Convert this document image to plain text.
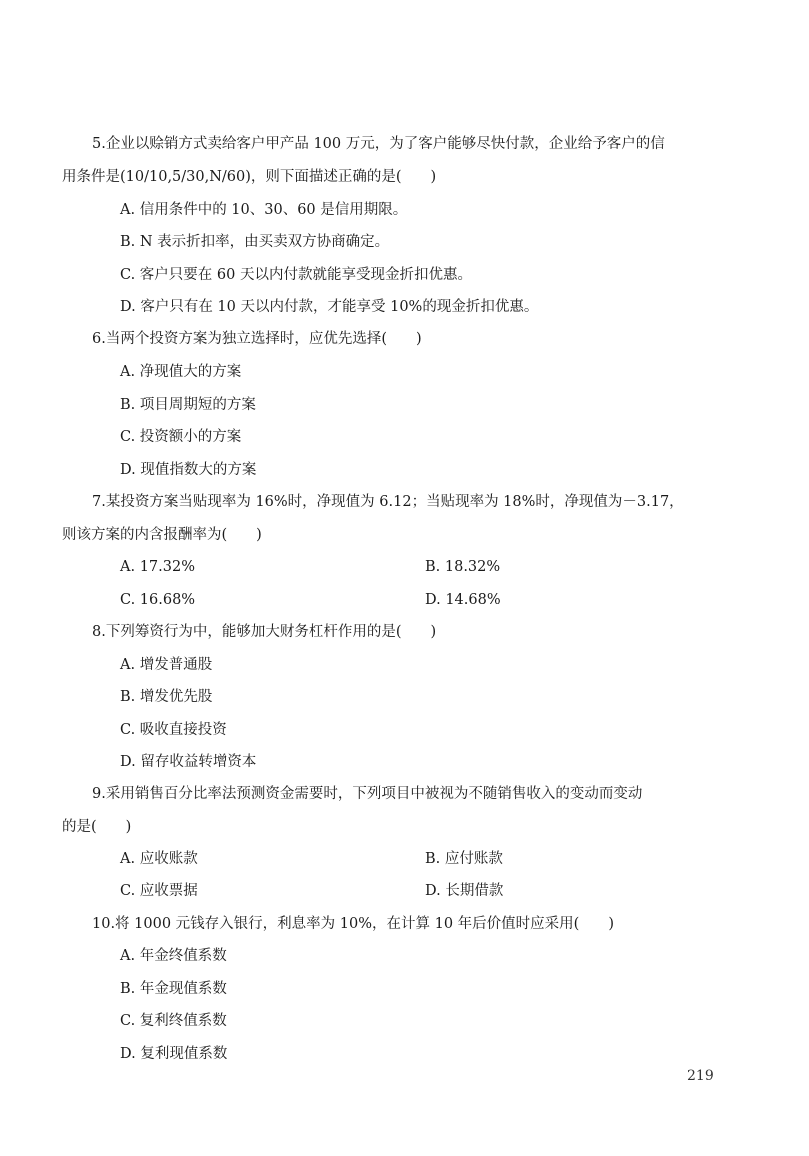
5.企业以赊销方式卖给客户甲产品 100 万元，为了客户能够尽快付款，企业给予客户的信
用条件是(10/10,5/30,N/60)，则下面描述正确的是(　　)
A. 信用条件中的 10、30、60 是信用期限。
B. N 表示折扣率，由买卖双方协商确定。
C. 客户只要在 60 天以内付款就能享受现金折扣优惠。
D. 客户只有在 10 天以内付款，才能享受 10%的现金折扣优惠。
6.当两个投资方案为独立选择时，应优先选择(　　)
A. 净现值大的方案
B. 项目周期短的方案
C. 投资额小的方案
D. 现值指数大的方案
7.某投资方案当贴现率为 16%时，净现值为 6.12；当贴现率为 18%时，净现值为－3.17，
则该方案的内含报酬率为(　　)
A. 17.32%	B. 18.32%
C. 16.68%	D. 14.68%
8.下列筹资行为中，能够加大财务杠杆作用的是(　　)
A. 增发普通股
B. 增发优先股
C. 吸收直接投资
D. 留存收益转增资本
9.采用销售百分比率法预测资金需要时，下列项目中被视为不随销售收入的变动而变动
的是(　　)
A. 应收账款	B. 应付账款
C. 应收票据	D. 长期借款
10.将 1000 元钱存入银行，利息率为 10%，在计算 10 年后价值时应采用(　　)
A. 年金终值系数
B. 年金现值系数
C. 复利终值系数
D. 复利现值系数
219
